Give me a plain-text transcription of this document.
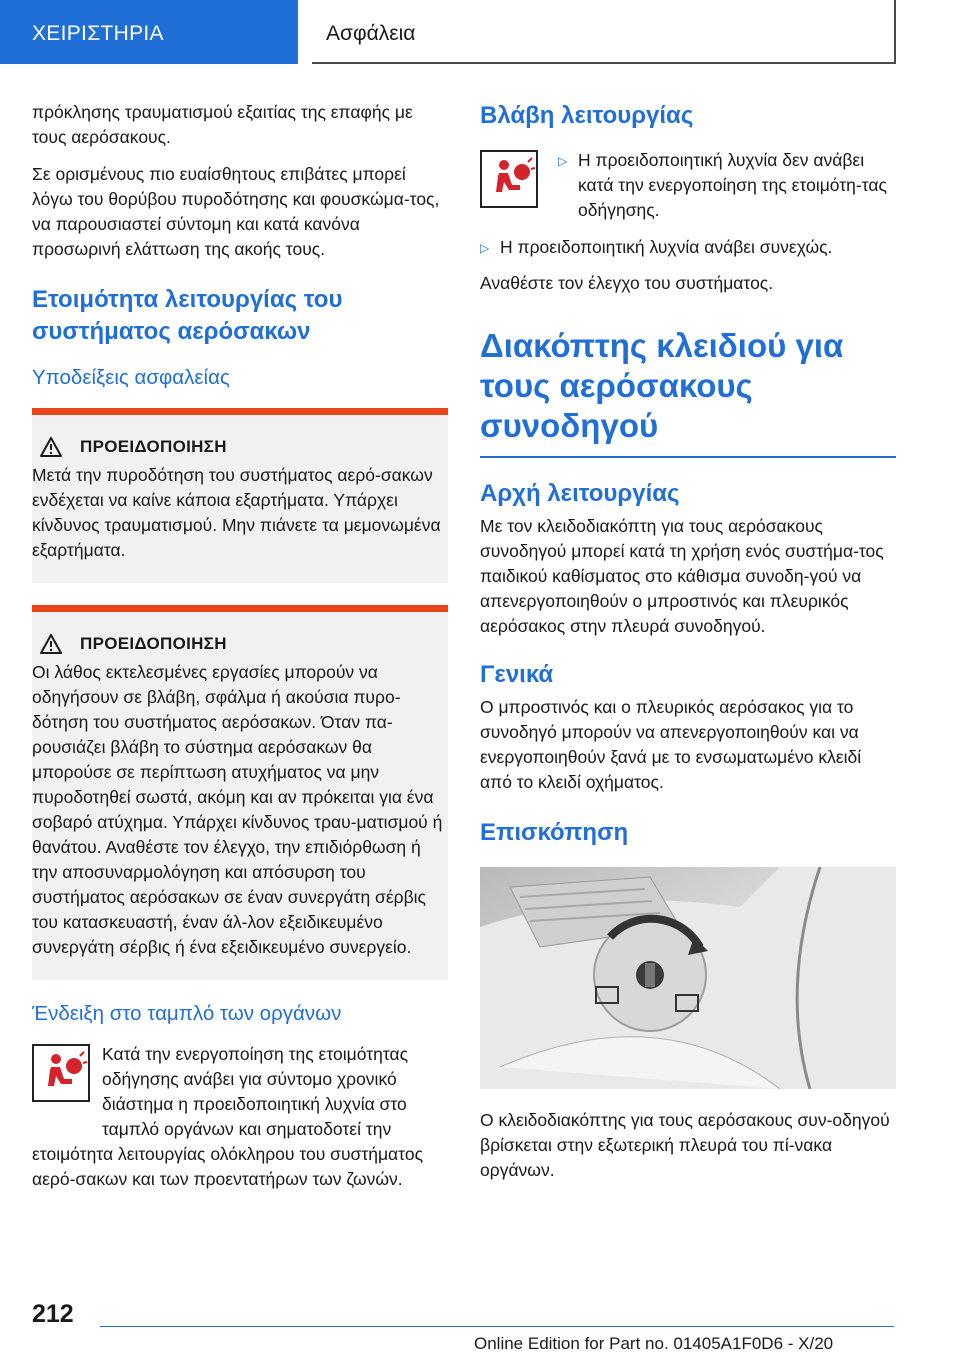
ΧΕΙΡΙΣΤΗΡΙΑ	Ασφάλεια

πρόκλησης τραυματισμού εξαιτίας της επαφής με τους αερόσακους.

Σε ορισμένους πιο ευαίσθητους επιβάτες μπορεί λόγω του θορύβου πυροδότησης και φουσκώμα-τος, να παρουσιαστεί σύντομη και κατά κανόνα προσωρινή ελάττωση της ακοής τους.

Ετοιμότητα λειτουργίας του συστήματος αερόσακων
Υποδείξεις ασφαλείας
ΠΡΟΕΙΔΟΠΟΙΗΣΗ

Μετά την πυροδότηση του συστήματος αερό-σακων ενδέχεται να καίνε κάποια εξαρτήματα. Υπάρχει κίνδυνος τραυματισμού. Μην πιάνετε τα μεμονωμένα εξαρτήματα.

ΠΡΟΕΙΔΟΠΟΙΗΣΗ

Οι λάθος εκτελεσμένες εργασίες μπορούν να οδηγήσουν σε βλάβη, σφάλμα ή ακούσια πυρο-δότηση του συστήματος αερόσακων. Όταν πα-ρουσιάζει βλάβη το σύστημα αερόσακων θα μπορούσε σε περίπτωση ατυχήματος να μην πυροδοτηθεί σωστά, ακόμη και αν πρόκειται για ένα σοβαρό ατύχημα. Υπάρχει κίνδυνος τραυ-ματισμού ή θανάτου. Αναθέστε τον έλεγχο, την επιδιόρθωση ή την αποσυναρμολόγηση και απόσυρση του συστήματος αερόσακων σε έναν συνεργάτη σέρβις του κατασκευαστή, έναν άλ-λον εξειδικευμένο συνεργάτη σέρβις ή ένα εξειδικευμένο συνεργείο.

Ένδειξη στο ταμπλό των οργάνων

Κατά την ενεργοποίηση της ετοιμότητας οδήγησης ανάβει για σύντομο χρονικό διάστημα η προειδοποιητική λυχνία στο ταμπλό οργάνων και σηματοδοτεί την ετοιμότητα λειτουργίας ολόκληρου του συστήματος αερό-σακων και των προεντατήρων των ζωνών.

Βλάβη λειτουργίας
▷ Η προειδοποιητική λυχνία δεν ανάβει κατά την ενεργοποίηση της ετοιμότη-τας οδήγησης.
▷ Η προειδοποιητική λυχνία ανάβει συνεχώς.

Αναθέστε τον έλεγχο του συστήματος.

Διακόπτης κλειδιού για τους αερόσακους συνοδηγού
Αρχή λειτουργίας

Με τον κλειδοδιακόπτη για τους αερόσακους συνοδηγού μπορεί κατά τη χρήση ενός συστήμα-τος παιδικού καθίσματος στο κάθισμα συνοδη-γού να απενεργοποιηθούν ο μπροστινός και πλευρικός αερόσακος στην πλευρά συνοδηγού.

Γενικά

Ο μπροστινός και ο πλευρικός αερόσακος για το συνοδηγό μπορούν να απενεργοποιηθούν και να ενεργοποιηθούν ξανά με το ενσωματωμένο κλειδί από το κλειδί οχήματος.

Επισκόπηση

Ο κλειδοδιακόπτης για τους αερόσακους συν-οδηγού βρίσκεται στην εξωτερική πλευρά του πί-νακα οργάνων.

212
Online Edition for Part no. 01405A1F0D6 - X/20
